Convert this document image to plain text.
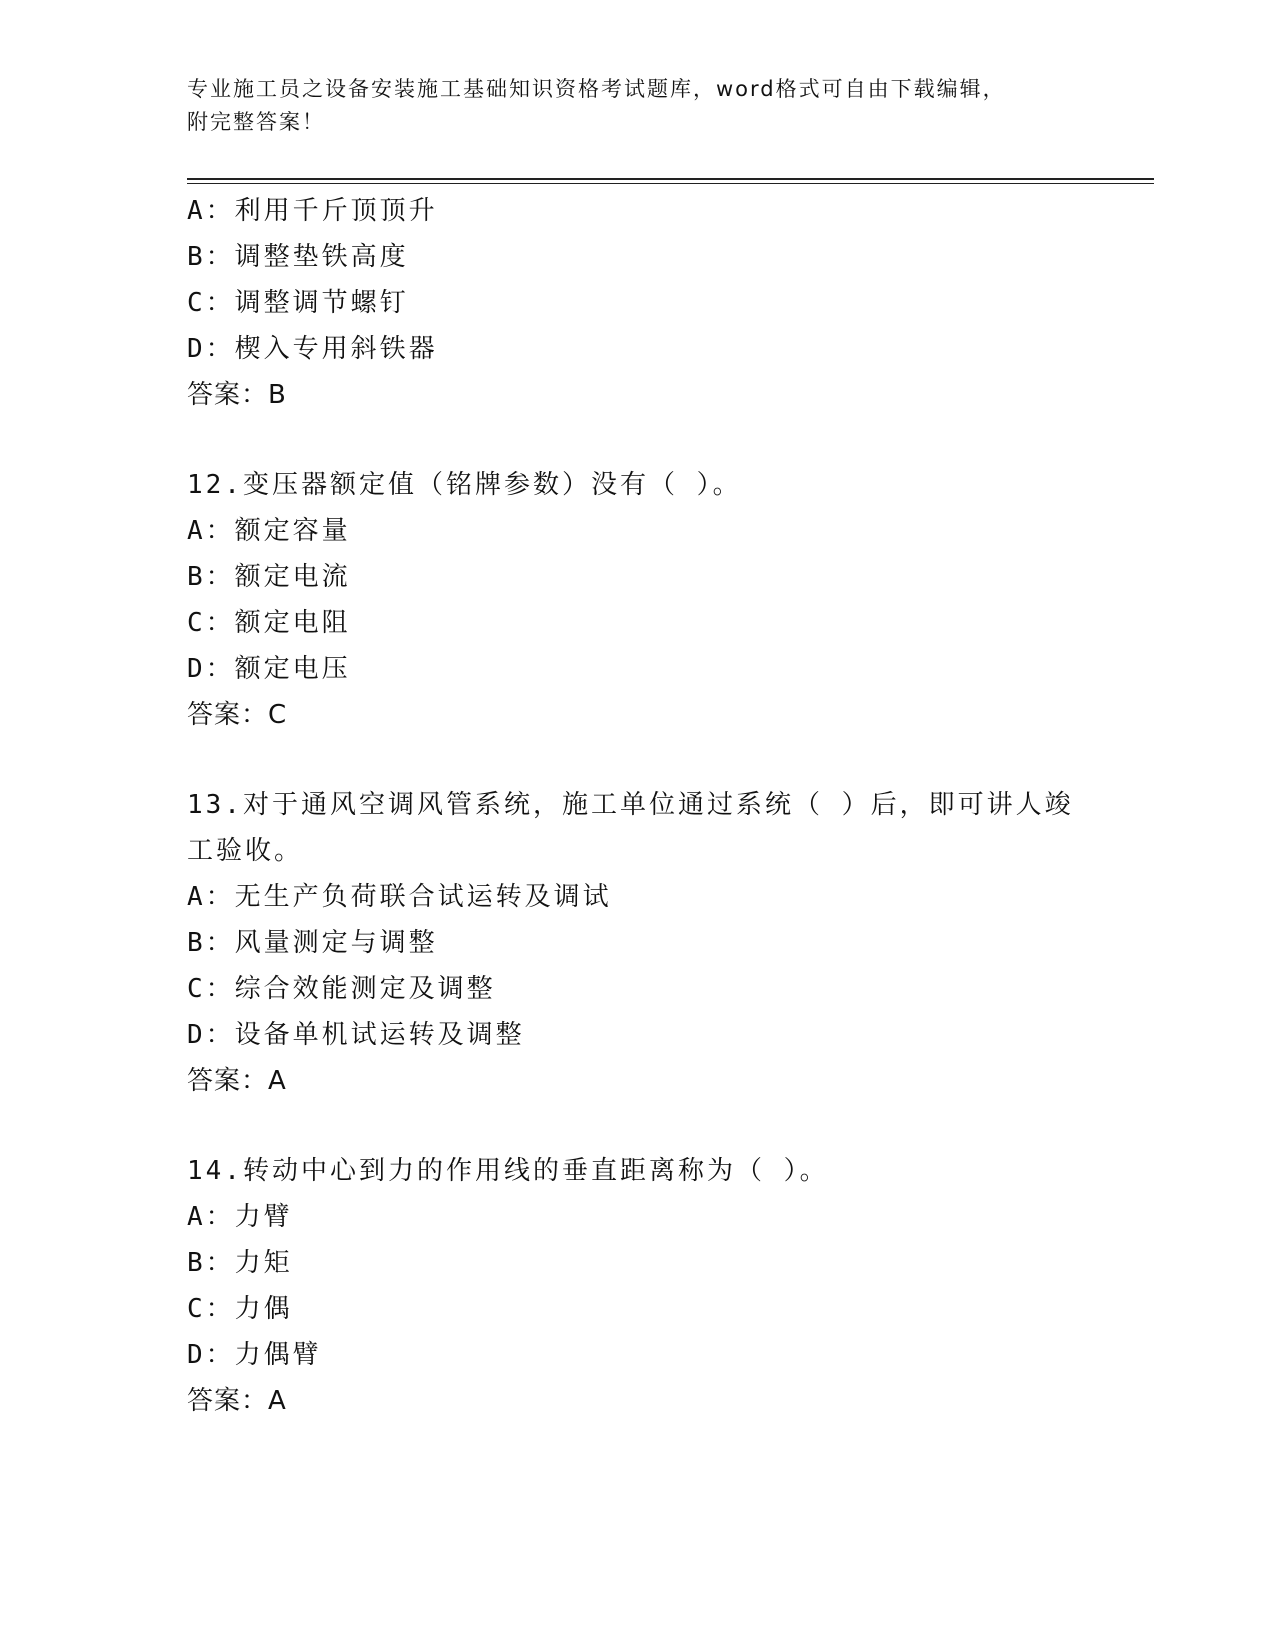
专业施工员之设备安装施工基础知识资格考试题库，word格式可自由下载编辑，
附完整答案！
A：利用千斤顶顶升
B：调整垫铁高度
C：调整调节螺钉
D：楔入专用斜铁器
答案：B
12.变压器额定值（铭牌参数）没有（ ）。
A：额定容量
B：额定电流
C：额定电阻
D：额定电压
答案：C
13.对于通风空调风管系统，施工单位通过系统（ ）后，即可讲人竣
工验收。
A：无生产负荷联合试运转及调试
B：风量测定与调整
C：综合效能测定及调整
D：设备单机试运转及调整
答案：A
14.转动中心到力的作用线的垂直距离称为（ ）。
A：力臂
B：力矩
C：力偶
D：力偶臂
答案：A
